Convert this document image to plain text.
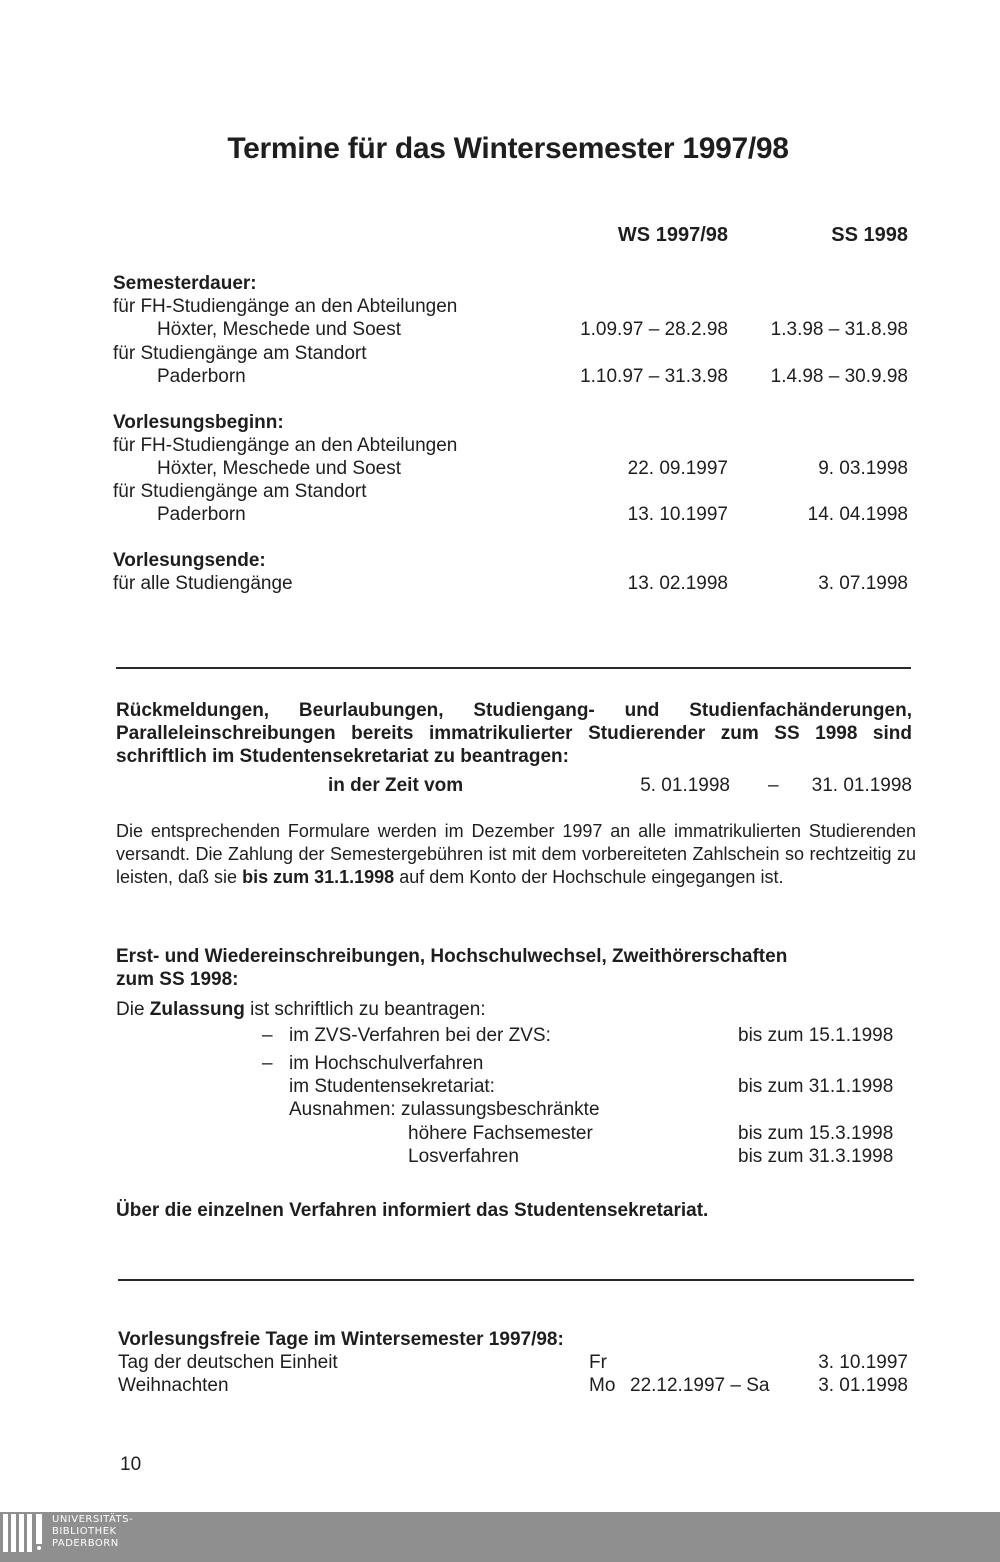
Termine für das Wintersemester 1997/98
WS 1997/98	SS 1998
Semesterdauer:
für FH-Studiengänge an den Abteilungen
Höxter, Meschede und Soest	1.09.97 – 28.2.98	1.3.98 – 31.8.98
für Studiengänge am Standort
Paderborn	1.10.97 – 31.3.98	1.4.98 – 30.9.98
Vorlesungsbeginn:
für FH-Studiengänge an den Abteilungen
Höxter, Meschede und Soest	22. 09.1997	9. 03.1998
für Studiengänge am Standort
Paderborn	13. 10.1997	14. 04.1998
Vorlesungsende:
für alle Studiengänge	13. 02.1998	3. 07.1998
Rückmeldungen, Beurlaubungen, Studiengang- und Studienfachänderungen, Paralleleinschreibungen bereits immatrikulierter Studierender zum SS 1998 sind schriftlich im Studentensekretariat zu beantragen:
in der Zeit vom	5. 01.1998 –	31. 01.1998
Die entsprechenden Formulare werden im Dezember 1997 an alle immatrikulierten Studierenden versandt. Die Zahlung der Semestergebühren ist mit dem vorbereiteten Zahlschein so rechtzeitig zu leisten, daß sie bis zum 31.1.1998 auf dem Konto der Hochschule eingegangen ist.
Erst- und Wiedereinschreibungen, Hochschulwechsel, Zweithörerschaften
zum SS 1998:
Die Zulassung ist schriftlich zu beantragen:
– im ZVS-Verfahren bei der ZVS:	bis zum 15.1.1998
– im Hochschulverfahren
im Studentensekretariat:	bis zum 31.1.1998
Ausnahmen: zulassungsbeschränkte
höhere Fachsemester	bis zum 15.3.1998
Losverfahren	bis zum 31.3.1998
Über die einzelnen Verfahren informiert das Studentensekretariat.
Vorlesungsfreie Tage im Wintersemester 1997/98:
Tag der deutschen Einheit	Fr	3. 10.1997
Weihnachten	Mo 22.12.1997 – Sa	3. 01.1998
10
UNIVERSITÄTS-
BIBLIOTHEK
PADERBORN
